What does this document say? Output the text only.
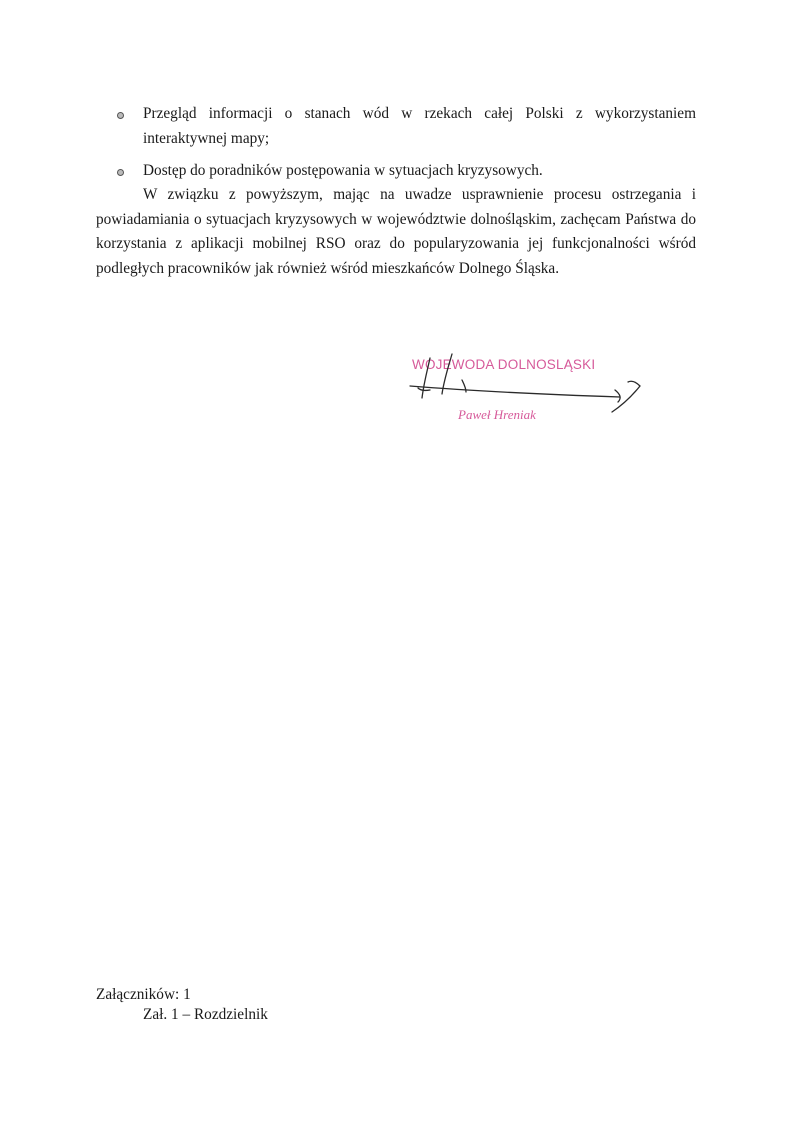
Przegląd informacji o stanach wód w rzekach całej Polski z wykorzystaniem interaktywnej mapy;
Dostęp do poradników postępowania w sytuacjach kryzysowych.

W związku z powyższym, mając na uwadze usprawnienie procesu ostrzegania i powiadamiania o sytuacjach kryzysowych w województwie dolnośląskim, zachęcam Państwa do korzystania z aplikacji mobilnej RSO oraz do popularyzowania jej funkcjonalności wśród podległych pracowników jak również wśród mieszkańców Dolnego Śląska.

WOJEWODA DOLNOSLĄSKI
Paweł Hreniak
Załączników: 1
Zał. 1 – Rozdzielnik
